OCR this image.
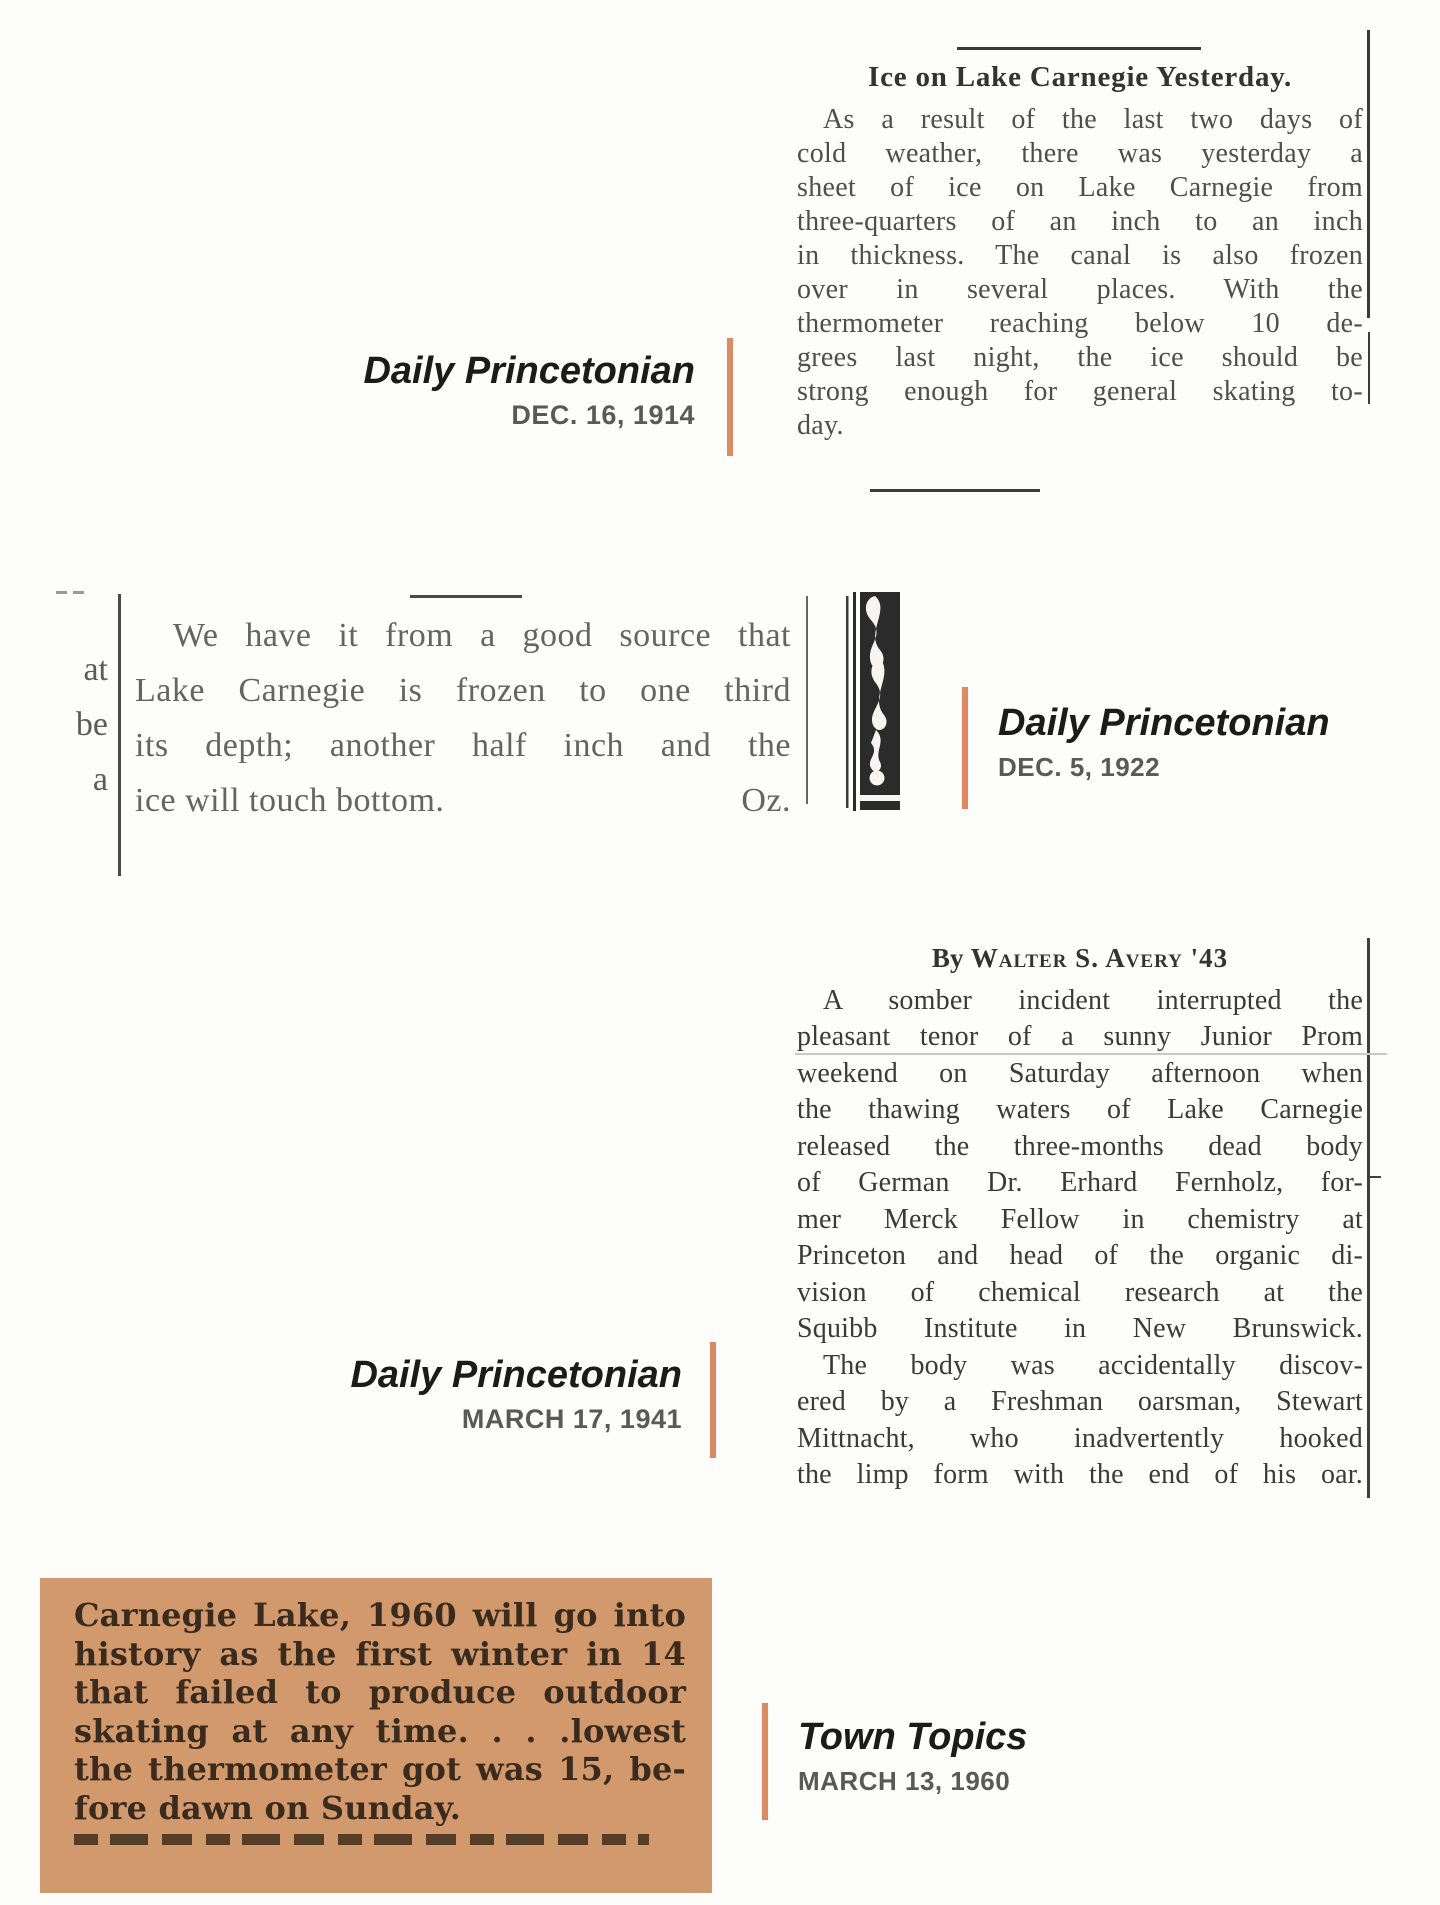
Ice on Lake Carnegie Yesterday.
As a result of the last two days of
cold weather, there was yesterday a
sheet of ice on Lake Carnegie from
three-quarters of an inch to an inch
in thickness. The canal is also frozen
over in several places. With the
thermometer reaching below 10 de-
grees last night, the ice should be
strong enough for general skating to-
day.
Daily Princetonian
DEC. 16, 1914
at
be
a
We have it from a good source that
Lake Carnegie is frozen to one third
its depth; another half inch and the
ice will touch bottom.	Oz.
Daily Princetonian
DEC. 5, 1922
By Walter S. Avery '43
A somber incident interrupted the
pleasant tenor of a sunny Junior Prom
weekend on Saturday afternoon when
the thawing waters of Lake Carnegie
released the three-months dead body
of German Dr. Erhard Fernholz, for-
mer Merck Fellow in chemistry at
Princeton and head of the organic di-
vision of chemical research at the
Squibb Institute in New Brunswick.
The body was accidentally discov-
ered by a Freshman oarsman, Stewart
Mittnacht, who inadvertently hooked
the limp form with the end of his oar.
Daily Princetonian
MARCH 17, 1941
Carnegie Lake, 1960 will go into
history as the first winter in 14
that failed to produce outdoor
skating at any time. . . .lowest
the thermometer got was 15, be-
fore dawn on Sunday.
Town Topics
MARCH 13, 1960
